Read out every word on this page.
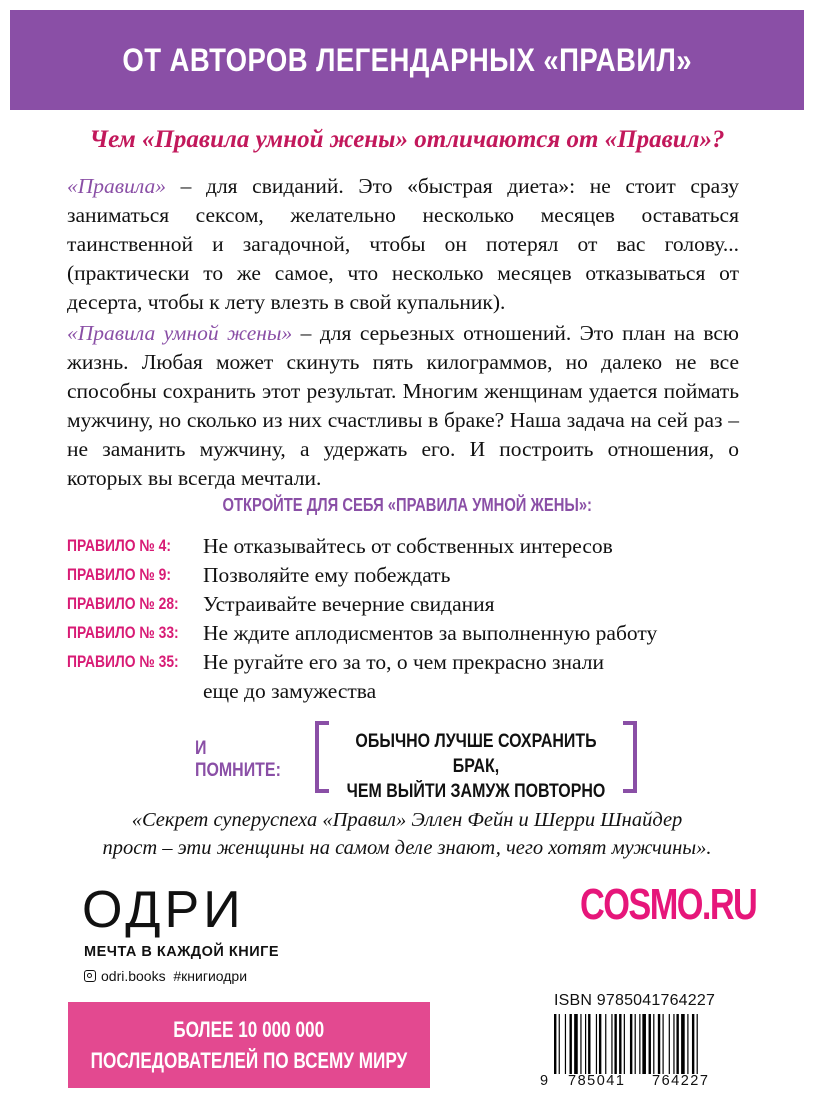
ОТ АВТОРОВ ЛЕГЕНДАРНЫХ «ПРАВИЛ»
Чем «Правила умной жены» отличаются от «Правил»?
«Правила» – для свиданий. Это «быстрая диета»: не стоит сразу заниматься сексом, желательно несколько месяцев оставаться таинственной и загадочной, чтобы он потерял от вас голову... (практически то же самое, что несколько месяцев отказываться от десерта, чтобы к лету влезть в свой купальник).
«Правила умной жены» – для серьезных отношений. Это план на всю жизнь. Любая может скинуть пять килограммов, но далеко не все способны сохранить этот результат. Многим женщинам удается поймать мужчину, но сколько из них счастливы в браке? Наша задача на сей раз – не заманить мужчину, а удержать его. И построить отношения, о которых вы всегда мечтали.
ОТКРОЙТЕ ДЛЯ СЕБЯ «ПРАВИЛА УМНОЙ ЖЕНЫ»:
ПРАВИЛО № 4:	Не отказывайтесь от собственных интересов
ПРАВИЛО № 9:	Позволяйте ему побеждать
ПРАВИЛО № 28:	Устраивайте вечерние свидания
ПРАВИЛО № 33:	Не ждите аплодисментов за выполненную работу
ПРАВИЛО № 35:	Не ругайте его за то, о чем прекрасно знали
еще до замужества
И ПОМНИТЕ:
ОБЫЧНО ЛУЧШЕ СОХРАНИТЬ БРАК,
ЧЕМ ВЫЙТИ ЗАМУЖ ПОВТОРНО
«Секрет суперуспеха «Правил» Эллен Фейн и Шерри Шнайдер
прост – эти женщины на самом деле знают, чего хотят мужчины».
ОДРИ
МЕЧТА В КАЖДОЙ КНИГЕ
odri.books  #книгиодри
COSMO.RU
БОЛЕЕ 10 000 000
ПОСЛЕДОВАТЕЛЕЙ ПО ВСЕМУ МИРУ
ISBN 9785041764227
9 785041 764227
